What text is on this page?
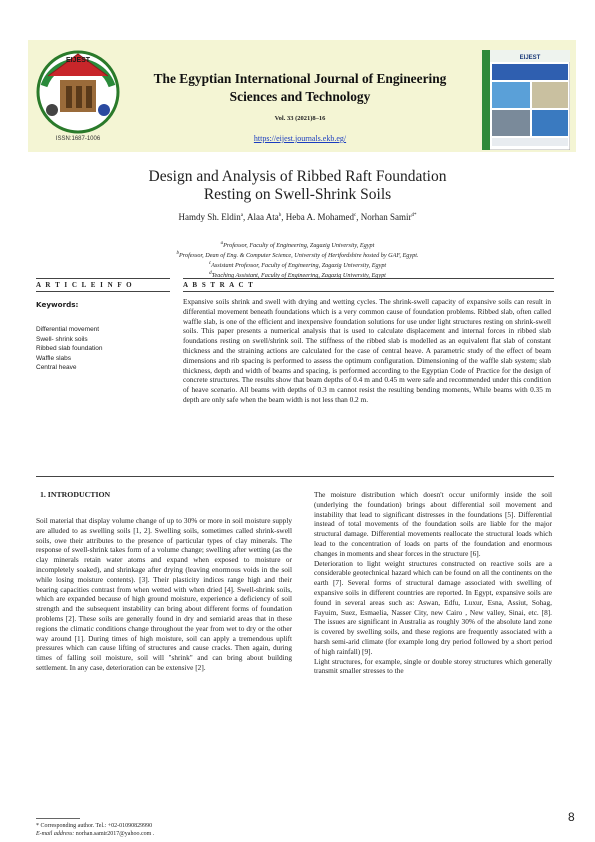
EIJEST
ISSN:1687-1006
The Egyptian International Journal of Engineering Sciences and Technology
Vol. 33 (2021)8–16
https://eijest.journals.ekb.eg/
EIJEST
Design and Analysis of Ribbed Raft Foundation
Resting on Swell-Shrink Soils
Hamdy Sh. Eldin$^a$, Alaa Ata$^b$, Heba A. Mohamed$^c$, Norhan Samir$^{d*}$
$^a$Professor, Faculty of Engineering, Zagazig University, Egypt
$^b$Professor, Dean of Eng. & Computer Science, University of Hertfordshire hosted by GAF, Egypt.
$^c$Assistant Professor, Faculty of Engineering, Zagazig University, Egypt
$^d$Teaching Assistant, Faculty of Engineering, Zagazig University, Egypt
A R T I C L E I N F O	A B S T R A C T
Keywords:
Differential movement
Swell- shrink soils
Ribbed slab foundation
Waffle slabs
Central heave
Expansive soils shrink and swell with drying and wetting cycles. The shrink-swell capacity of expansive soils can result in differential movement beneath foundations which is a very common cause of foundation problems. Ribbed slab, often called waffle slab, is one of the efficient and inexpensive foundation solutions for use under light structures resting on shrink-swell soils. This paper presents a numerical analysis that is used to calculate displacement and internal forces in ribbed slab foundations resting on swell/shrink soil. The stiffness of the ribbed slab is modelled as an equivalent flat slab of constant thickness and the straining actions are calculated for the case of central heave. A parametric study of the effect of beam dimensions and rib spacing is performed to assess the optimum configuration. Dimensioning of the waffle slab system; slab thickness, depth and width of beams and spacing, is performed according to the Egyptian Code of Practice for the design of concrete structures. The results show that beam depths of 0.4 m and 0.45 m were safe and recommended under this condition of heave scenario. All beams with depths of 0.3 m cannot resist the resulting bending moments, While beams with 0.35 m depth are only safe when the beam width is not less than 0.2 m.
1. INTRODUCTION

Soil material that display volume change of up to 30% or more in soil moisture supply are alluded to as swelling soils [1, 2]. Swelling soils, sometimes called shrink-swell soils, owe their attributes to the presence of particular types of clay minerals. The response of swell-shrink takes form of a volume change; swelling after wetting (as the clay minerals retain water atoms and expand when exposed to moisture or incompletely soaked), and shrinkage after drying (leaving enormous voids in the soil while losing moisture contents). [3]. Their plasticity indices range high and their bearing capacities contrast from when wetted with when dried [4]. Swell-shrink soils, which are expanded because of high ground moisture, experience a deficiency of soil strength and the subsequent instability can bring about different forms of foundation problems [2]. These soils are generally found in dry and semiarid areas that in these regions the climatic conditions change throughout the year from wet to dry or the other way around [1]. During times of high moisture, soil can apply a tremendous uplift pressures which can cause lifting of structures and cause cracks. Then again, during times of falling soil moisture, soil will "shrink" and can bring about building settlement. In any case, deterioration can be extensive [2].

The moisture distribution which doesn't occur uniformly inside the soil (underlying the foundation) brings about differential soil movement and instability that lead to significant distresses in the foundations [5]. Differential instead of total movements of the foundation soils are liable for the major structural damage. Differential movements reallocate the structural loads which lead to the concentration of loads on parts of the foundation and enormous changes in moments and shear forces in the structure [6].

Deterioration to light weight structures constructed on reactive soils are a considerable geotechnical hazard which can be found on all the continents on the earth [7]. Several forms of structural damage associated with swelling of expansive soils in different countries are reported. In Egypt, expansive soils are found in several areas such as: Aswan, Edfu, Luxur, Esna, Assiut, Sohag, Fayuim, Suez, Esmaelia, Nasser City, new Cairo , New valley, Sinai, etc. [8]. The issues are significant in Australia as roughly 30% of the absolute land zone is covered by swelling soils, and these regions are frequently associated with a harsh semi-arid climate (for example long dry period followed by a short period of high rainfall) [9].

Light structures, for example, single or double storey structures which generally transmit smaller stresses to the

* Corresponding author. Tel.: +02-01090829990
E-mail address: norhan.samir2017@yahoo.com .
8
